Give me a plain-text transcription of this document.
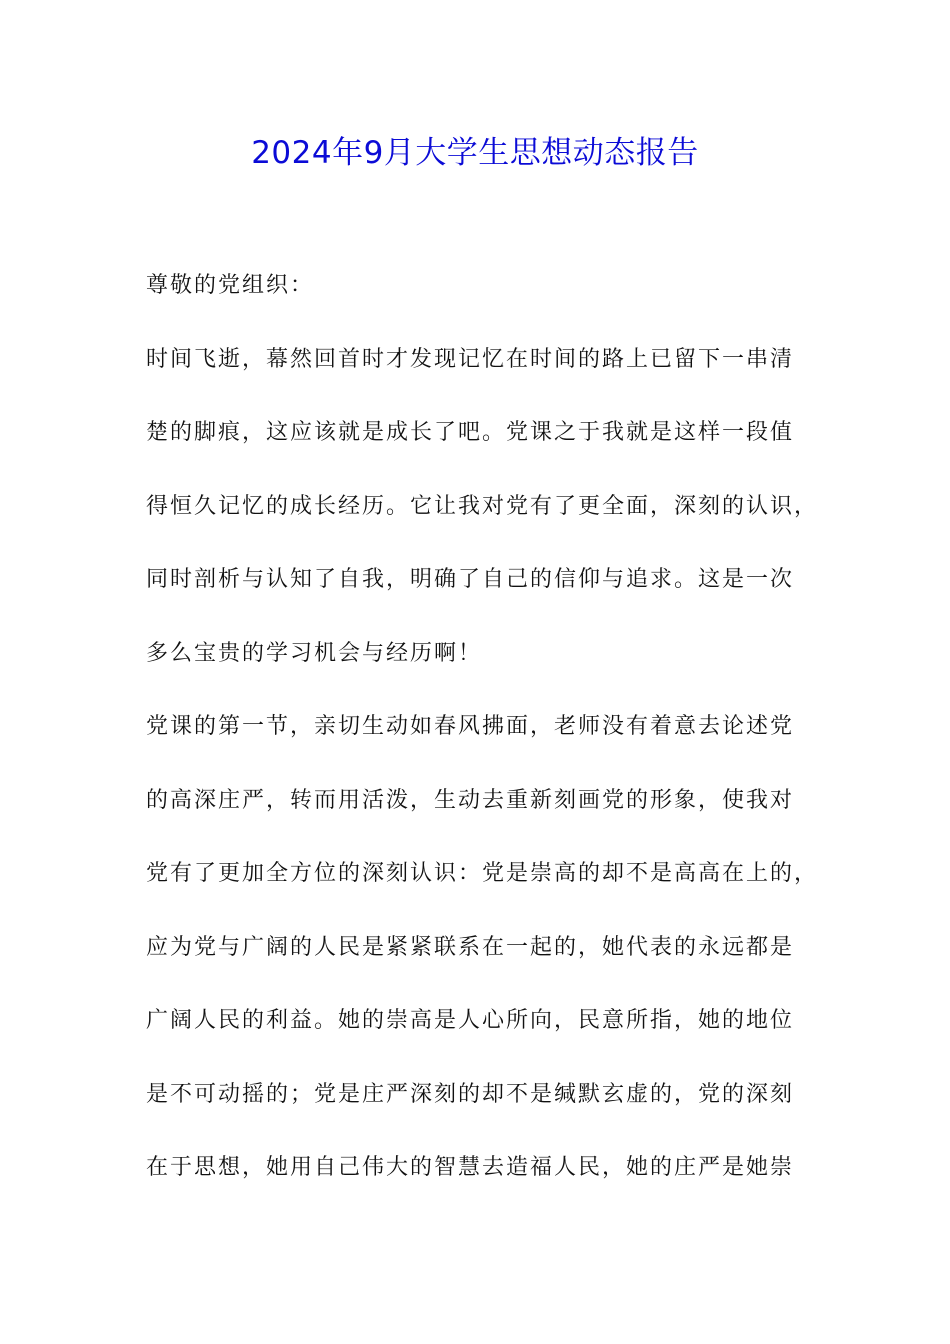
2024年9月大学生思想动态报告
尊敬的党组织：
时间飞逝，幕然回首时才发现记忆在时间的路上已留下一串清
楚的脚痕，这应该就是成长了吧。党课之于我就是这样一段值
得恒久记忆的成长经历。它让我对党有了更全面，深刻的认识，
同时剖析与认知了自我，明确了自己的信仰与追求。这是一次
多么宝贵的学习机会与经历啊！
党课的第一节，亲切生动如春风拂面，老师没有着意去论述党
的高深庄严，转而用活泼，生动去重新刻画党的形象，使我对
党有了更加全方位的深刻认识：党是崇高的却不是高高在上的，
应为党与广阔的人民是紧紧联系在一起的，她代表的永远都是
广阔人民的利益。她的崇高是人心所向，民意所指，她的地位
是不可动摇的；党是庄严深刻的却不是缄默玄虚的，党的深刻
在于思想，她用自己伟大的智慧去造福人民，她的庄严是她崇
